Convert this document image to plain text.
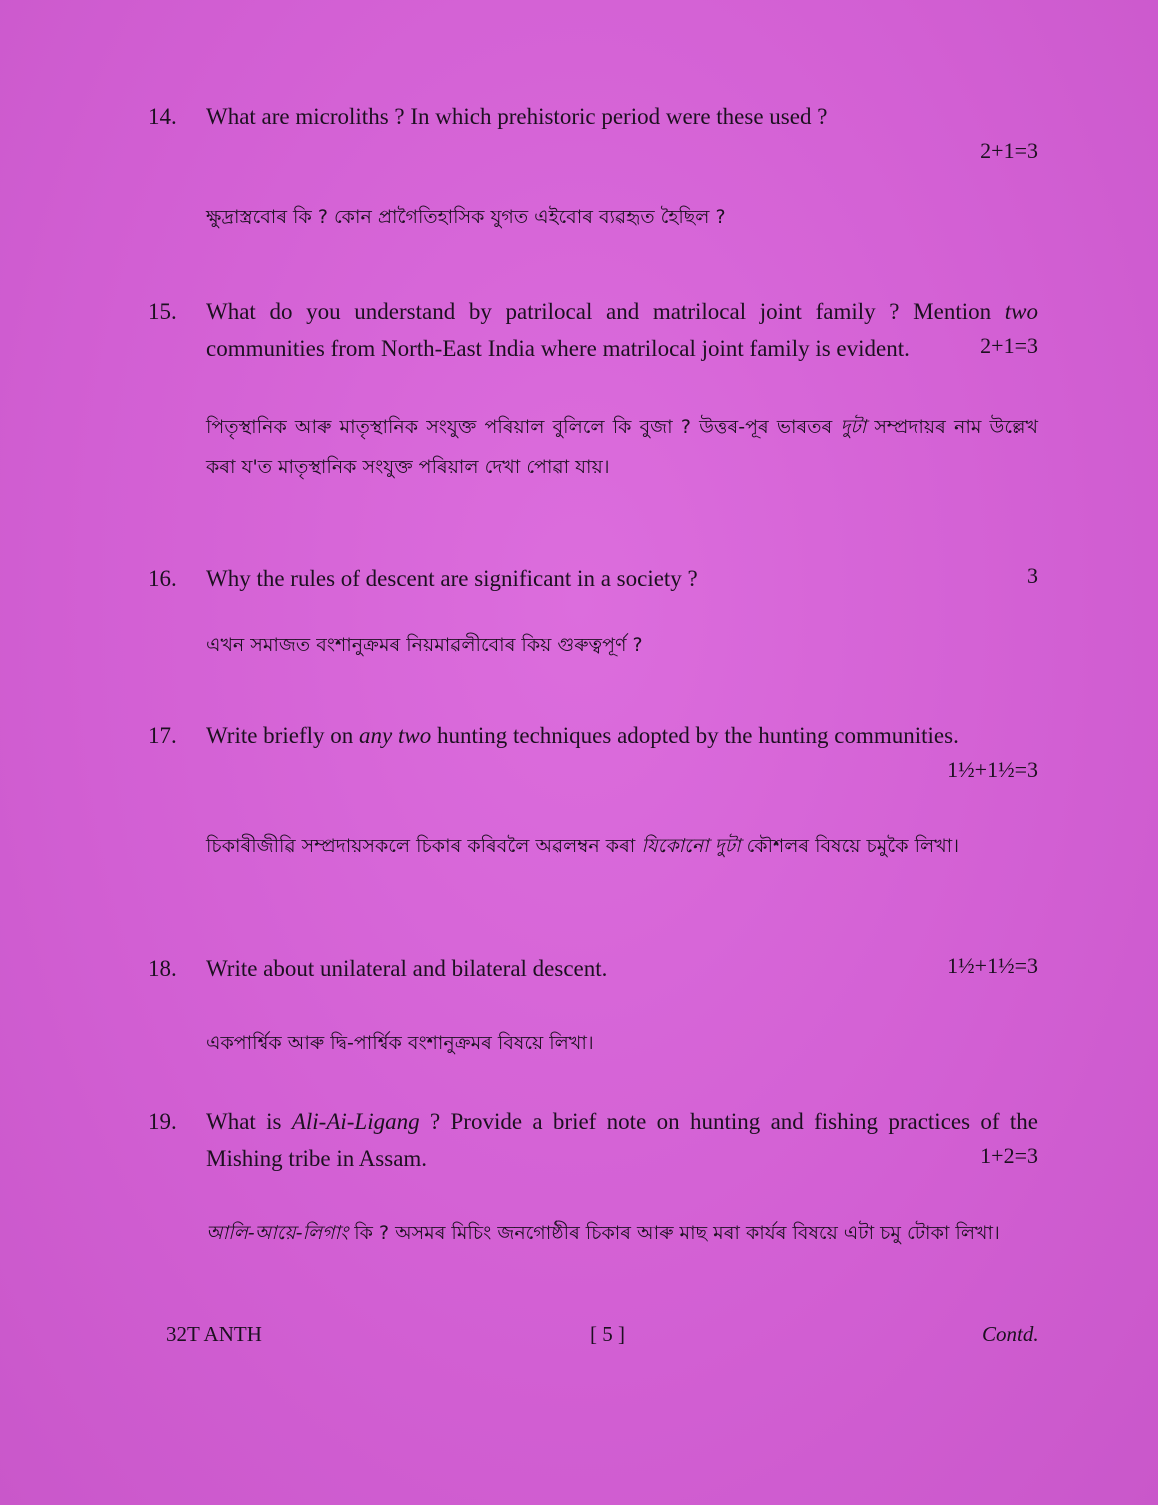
14.	What are microliths ? In which prehistoric period were these used ?
2+1=3
ক্ষুদ্ৰাস্ত্ৰবোৰ কি ? কোন প্ৰাগৈতিহাসিক যুগত এইবোৰ ব্যৱহৃত হৈছিল ?
15.	What do you understand by patrilocal and matrilocal joint family ? Mention two communities from North-East India where matrilocal joint family is evident.	2+1=3
পিতৃস্থানিক আৰু মাতৃস্থানিক সংযুক্ত পৰিয়াল বুলিলে কি বুজা ? উত্তৰ-পূৰ ভাৰতৰ দুটা সম্প্ৰদায়ৰ নাম উল্লেখ কৰা য'ত মাতৃস্থানিক সংযুক্ত পৰিয়াল দেখা পোৱা যায়।
16.	Why the rules of descent are significant in a society ?	3
এখন সমাজত বংশানুক্ৰমৰ নিয়মাৱলীবোৰ কিয় গুৰুত্বপূৰ্ণ ?
17.	Write briefly on any two hunting techniques adopted by the hunting communities.
1½+1½=3
চিকাৰীজীৱি সম্প্ৰদায়সকলে চিকাৰ কৰিবলৈ অৱলম্বন কৰা যিকোনো দুটা কৌশলৰ বিষয়ে চমুকৈ লিখা।
18.	Write about unilateral and bilateral descent.	1½+1½=3
একপাৰ্শ্বিক আৰু দ্বি-পাৰ্শ্বিক বংশানুক্ৰমৰ বিষয়ে লিখা।
19.	What is Ali-Ai-Ligang ? Provide a brief note on hunting and fishing practices of the Mishing tribe in Assam.	1+2=3
আলি-আয়ে-লিগাং কি ? অসমৰ মিচিং জনগোষ্ঠীৰ চিকাৰ আৰু মাছ মৰা কাৰ্যৰ বিষয়ে এটা চমু টোকা লিখা।
32T ANTH	[ 5 ]	Contd.
